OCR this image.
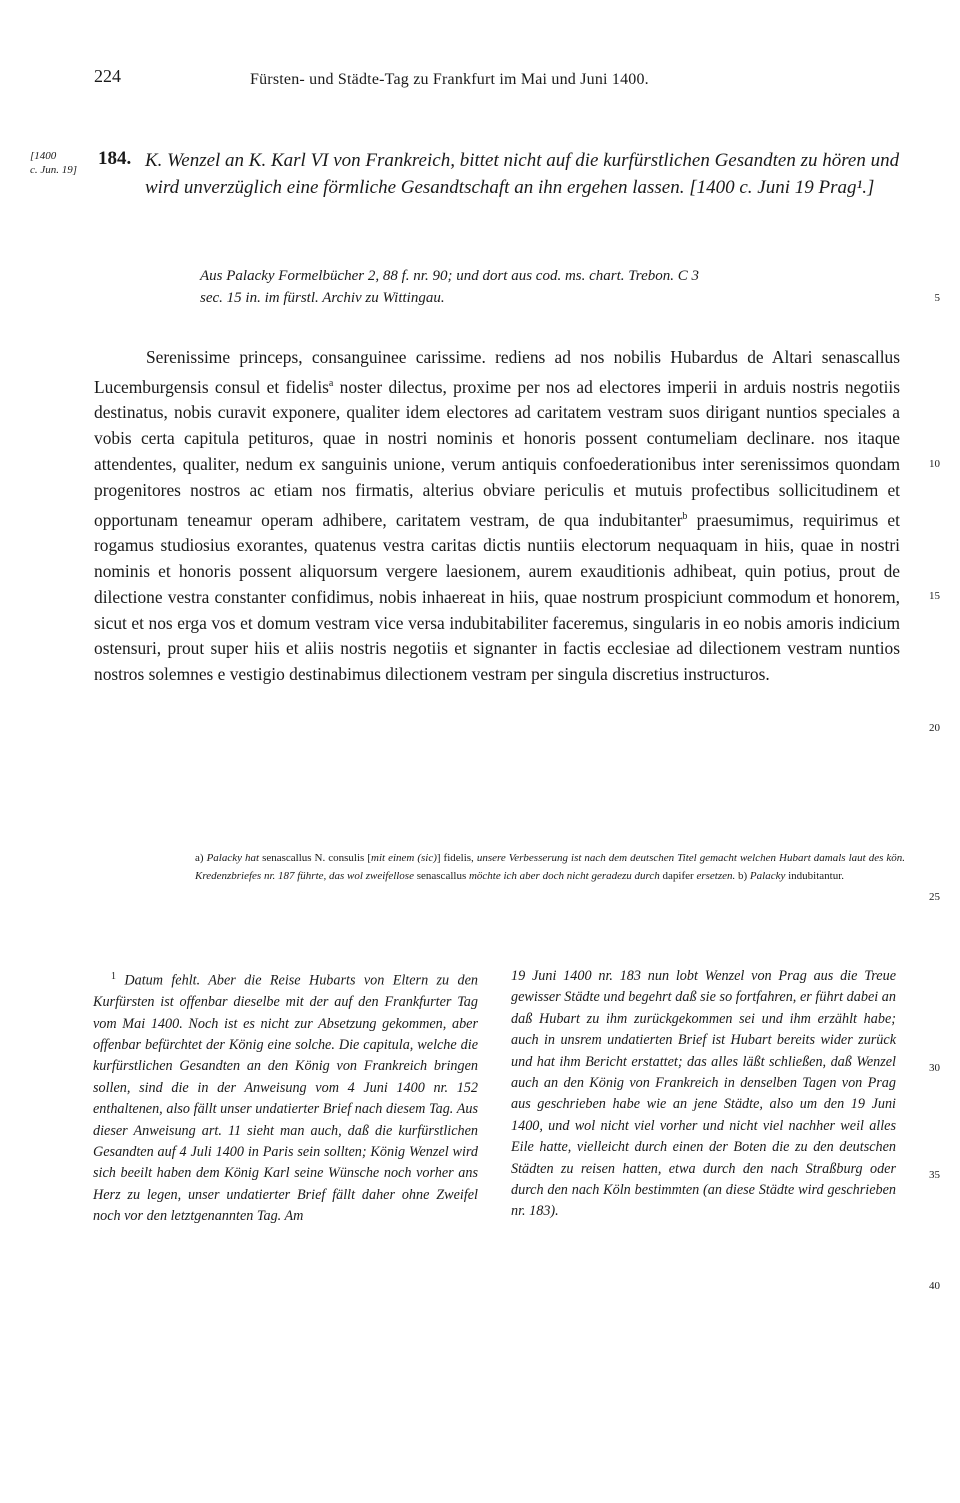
224	Fürsten- und Städte-Tag zu Frankfurt im Mai und Juni 1400.
[1400
c. Jun. 19]
184. K. Wenzel an K. Karl VI von Frankreich, bittet nicht auf die kurfürstlichen Gesandten zu hören und wird unverzüglich eine förmliche Gesandtschaft an ihn ergehen lassen. [1400 c. Juni 19 Prag¹.]
Aus Palacky Formelbücher 2, 88 f. nr. 90; und dort aus cod. ms. chart. Trebon. C 3
sec. 15 in. im fürstl. Archiv zu Wittingau.

Serenissime princeps, consanguinee carissime. rediens ad nos nobilis Hubardus de Altari senascallus Lucemburgensis consul et fidelis$^a$ noster dilectus, proxime per nos ad electores imperii in arduis nostris negotiis destinatus, nobis curavit exponere, qualiter idem electores ad caritatem vestram suos dirigant nuntios speciales a vobis certa capitula petituros, quae in nostri nominis et honoris possent contumeliam declinare. nos itaque attendentes, qualiter, nedum ex sanguinis unione, verum antiquis confoederationibus inter serenissimos quondam progenitores nostros ac etiam nos firmatis, alterius obviare periculis et mutuis profectibus sollicitudinem et opportunam teneamur operam adhibere, caritatem vestram, de qua indubitanter$^b$ praesumimus, requirimus et rogamus studiosius exorantes, quatenus vestra caritas dictis nuntiis electorum nequaquam in hiis, quae in nostri nominis et honoris possent aliquorsum vergere laesionem, aurem exauditionis adhibeat, quin potius, prout de dilectione vestra constanter confidimus, nobis inhaereat in hiis, quae nostrum prospiciunt commodum et honorem, sicut et nos erga vos et domum vestram vice versa indubitabiliter faceremus, singularis in eo nobis amoris indicium ostensuri, prout super hiis et aliis nostris negotiis et signanter in factis ecclesiae ad dilectionem vestram nuntios nostros solemnes e vestigio destinabimus dilectionem vestram per singula discretius instructuros.

5
10
15
20
25
30
35
40
a) Palacky hat senascallus N. consulis [mit einem (sic)] fidelis, unsere Verbesserung ist nach dem deutschen Titel gemacht welchen Hubart damals laut des kön. Kredenzbriefes nr. 187 führte, das wol zweifellose senascallus möchte ich aber doch nicht geradezu durch dapifer ersetzen. b) Palacky indubitantur.

$^1$ Datum fehlt. Aber die Reise Hubarts von Eltern zu den Kurfürsten ist offenbar dieselbe mit der auf den Frankfurter Tag vom Mai 1400. Noch ist es nicht zur Absetzung gekommen, aber offenbar befürchtet der König eine solche. Die capitula, welche die kurfürstlichen Gesandten an den König von Frankreich bringen sollen, sind die in der Anweisung vom 4 Juni 1400 nr. 152 enthaltenen, also fällt unser undatierter Brief nach diesem Tag. Aus dieser Anweisung art. 11 sieht man auch, daß die kurfürstlichen Gesandten auf 4 Juli 1400 in Paris sein sollten; König Wenzel wird sich beeilt haben dem König Karl seine Wünsche noch vorher ans Herz zu legen, unser undatierter Brief fällt daher ohne Zweifel noch vor den letztgenannten Tag. Am

19 Juni 1400 nr. 183 nun lobt Wenzel von Prag aus die Treue gewisser Städte und begehrt daß sie so fortfahren, er führt dabei an daß Hubart zu ihm zurückgekommen sei und ihm erzählt habe; auch in unsrem undatierten Brief ist Hubart bereits wider zurück und hat ihm Bericht erstattet; das alles läßt schließen, daß Wenzel auch an den König von Frankreich in denselben Tagen von Prag aus geschrieben habe wie an jene Städte, also um den 19 Juni 1400, und wol nicht viel vorher und nicht viel nachher weil alles Eile hatte, vielleicht durch einen der Boten die zu den deutschen Städten zu reisen hatten, etwa durch den nach Straßburg oder durch den nach Köln bestimmten (an diese Städte wird geschrieben nr. 183).
